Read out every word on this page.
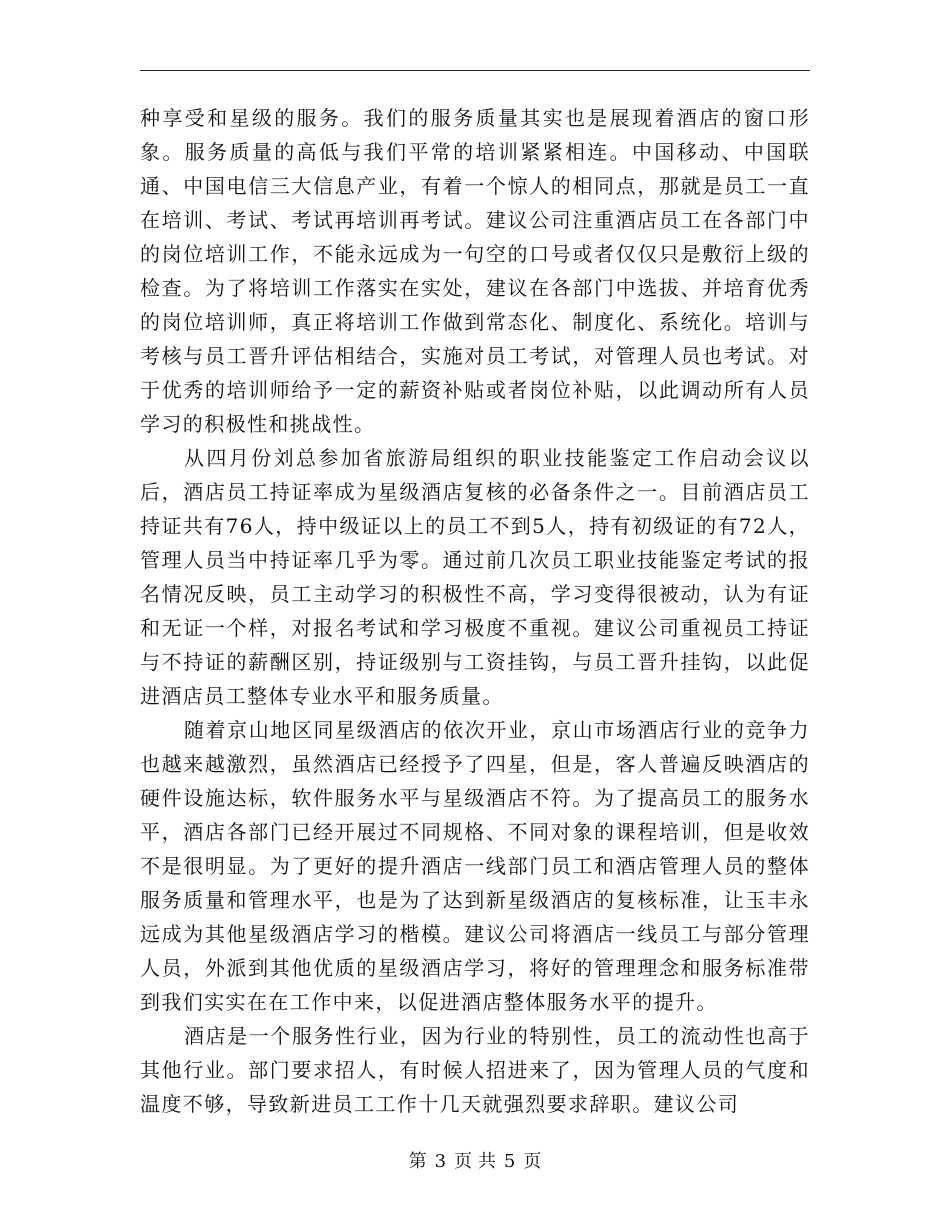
种享受和星级的服务。我们的服务质量其实也是展现着酒店的窗口形象。服务质量的高低与我们平常的培训紧紧相连。中国移动、中国联通、中国电信三大信息产业，有着一个惊人的相同点，那就是员工一直在培训、考试、考试再培训再考试。建议公司注重酒店员工在各部门中的岗位培训工作，不能永远成为一句空的口号或者仅仅只是敷衍上级的检查。为了将培训工作落实在实处，建议在各部门中选拔、并培育优秀的岗位培训师，真正将培训工作做到常态化、制度化、系统化。培训与考核与员工晋升评估相结合，实施对员工考试，对管理人员也考试。对于优秀的培训师给予一定的薪资补贴或者岗位补贴，以此调动所有人员学习的积极性和挑战性。

从四月份刘总参加省旅游局组织的职业技能鉴定工作启动会议以后，酒店员工持证率成为星级酒店复核的必备条件之一。目前酒店员工持证共有76人，持中级证以上的员工不到5人，持有初级证的有72人，管理人员当中持证率几乎为零。通过前几次员工职业技能鉴定考试的报名情况反映，员工主动学习的积极性不高，学习变得很被动，认为有证和无证一个样，对报名考试和学习极度不重视。建议公司重视员工持证与不持证的薪酬区别，持证级别与工资挂钩，与员工晋升挂钩，以此促进酒店员工整体专业水平和服务质量。

随着京山地区同星级酒店的依次开业，京山市场酒店行业的竞争力也越来越激烈，虽然酒店已经授予了四星，但是，客人普遍反映酒店的硬件设施达标，软件服务水平与星级酒店不符。为了提高员工的服务水平，酒店各部门已经开展过不同规格、不同对象的课程培训，但是收效不是很明显。为了更好的提升酒店一线部门员工和酒店管理人员的整体服务质量和管理水平，也是为了达到新星级酒店的复核标准，让玉丰永远成为其他星级酒店学习的楷模。建议公司将酒店一线员工与部分管理人员，外派到其他优质的星级酒店学习，将好的管理理念和服务标准带到我们实实在在工作中来，以促进酒店整体服务水平的提升。

酒店是一个服务性行业，因为行业的特别性，员工的流动性也高于其他行业。部门要求招人，有时候人招进来了，因为管理人员的气度和温度不够，导致新进员工工作十几天就强烈要求辞职。建议公司

第 3 页 共 5 页
